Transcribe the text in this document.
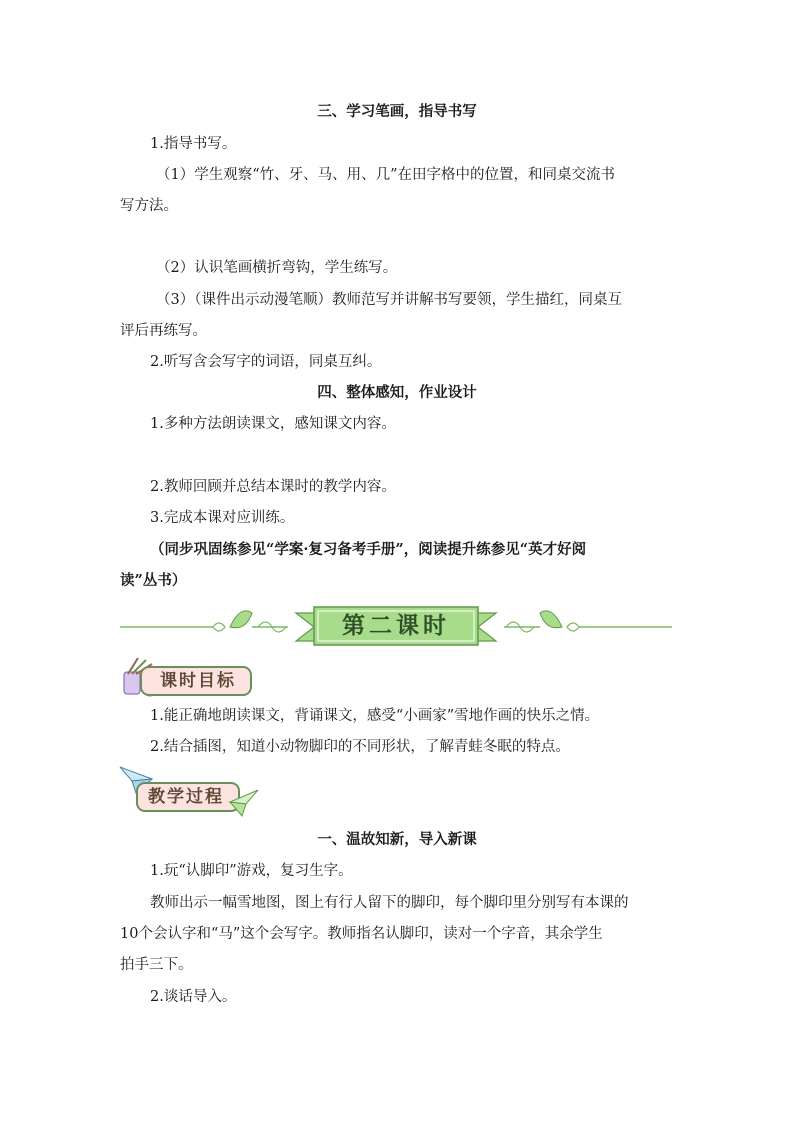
三、学习笔画，指导书写
1.指导书写。
（1）学生观察“竹、牙、马、用、几”在田字格中的位置，和同桌交流书
写方法。
（2）认识笔画横折弯钩，学生练写。
（3）（课件出示动漫笔顺）教师范写并讲解书写要领，学生描红，同桌互
评后再练写。
2.听写含会写字的词语，同桌互纠。
四、整体感知，作业设计
1.多种方法朗读课文，感知课文内容。
2.教师回顾并总结本课时的教学内容。
3.完成本课对应训练。
（同步巩固练参见“学案·复习备考手册”，阅读提升练参见“英才好阅
读”丛书）
第二课时
课时目标
1.能正确地朗读课文，背诵课文，感受“小画家”雪地作画的快乐之情。
2.结合插图，知道小动物脚印的不同形状，了解青蛙冬眠的特点。
教学过程
一、温故知新，导入新课
1.玩“认脚印”游戏，复习生字。
教师出示一幅雪地图，图上有行人留下的脚印，每个脚印里分别写有本课的
10个会认字和“马”这个会写字。教师指名认脚印，读对一个字音，其余学生
拍手三下。
2.谈话导入。
